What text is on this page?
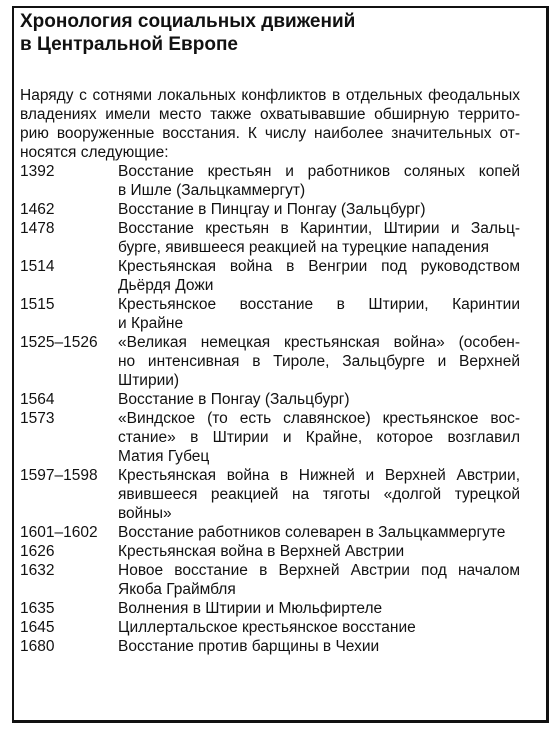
Хронология социальных движений
в Центральной Европе
Наряду с сотнями локальных конфликтов в отдельных феодальных
владениях имели место также охватывавшие обширную террито-
рию вооруженные восстания. К числу наиболее значительных от-
носятся следующие:
1392	Восстание крестьян и работников соляных копей
в Ишле (Зальцкаммергут)
1462	Восстание в Пинцгау и Понгау (Зальцбург)
1478	Восстание крестьян в Каринтии, Штирии и Зальц-
бурге, явившееся реакцией на турецкие нападения
1514	Крестьянская война в Венгрии под руководством
Дьёрдя Дожи
1515	Крестьянское восстание в Штирии, Каринтии
и Крайне
1525–1526	«Великая немецкая крестьянская война» (особен-
но интенсивная в Тироле, Зальцбурге и Верхней
Штирии)
1564	Восстание в Понгау (Зальцбург)
1573	«Виндское (то есть славянское) крестьянское вос-
стание» в Штирии и Крайне, которое возглавил
Матия Губец
1597–1598	Крестьянская война в Нижней и Верхней Австрии,
явившееся реакцией на тяготы «долгой турецкой
войны»
1601–1602	Восстание работников солеварен в Зальцкаммергуте
1626	Крестьянская война в Верхней Австрии
1632	Новое восстание в Верхней Австрии под началом
Якоба Граймбля
1635	Волнения в Штирии и Мюльфиртеле
1645	Циллертальское крестьянское восстание
1680	Восстание против барщины в Чехии
